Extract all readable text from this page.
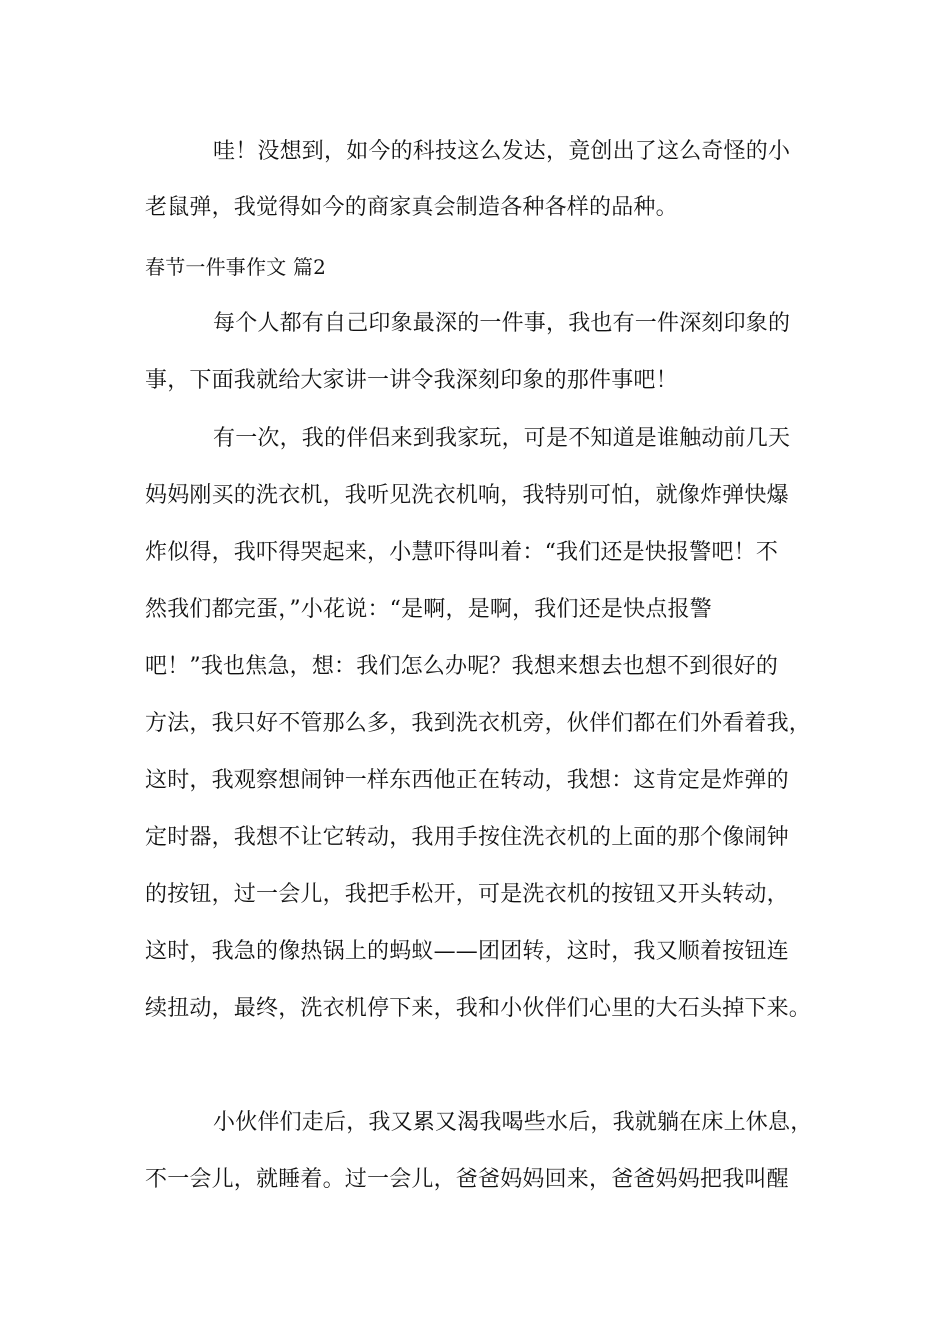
哇！没想到，如今的科技这么发达，竟创出了这么奇怪的小
老鼠弹，我觉得如今的商家真会制造各种各样的品种。
春节一件事作文 篇2
每个人都有自己印象最深的一件事，我也有一件深刻印象的
事，下面我就给大家讲一讲令我深刻印象的那件事吧！
有一次，我的伴侣来到我家玩，可是不知道是谁触动前几天
妈妈刚买的洗衣机，我听见洗衣机响，我特别可怕，就像炸弹快爆
炸似得，我吓得哭起来，小慧吓得叫着：“我们还是快报警吧！不
然我们都完蛋，”小花说：“是啊，是啊，我们还是快点报警
吧！”我也焦急，想：我们怎么办呢？我想来想去也想不到很好的
方法，我只好不管那么多，我到洗衣机旁，伙伴们都在们外看着我，
这时，我观察想闹钟一样东西他正在转动，我想：这肯定是炸弹的
定时器，我想不让它转动，我用手按住洗衣机的上面的那个像闹钟
的按钮，过一会儿，我把手松开，可是洗衣机的按钮又开头转动，
这时，我急的像热锅上的蚂蚁——团团转，这时，我又顺着按钮连
续扭动，最终，洗衣机停下来，我和小伙伴们心里的大石头掉下来。
小伙伴们走后，我又累又渴我喝些水后，我就躺在床上休息，
不一会儿，就睡着。过一会儿，爸爸妈妈回来，爸爸妈妈把我叫醒
